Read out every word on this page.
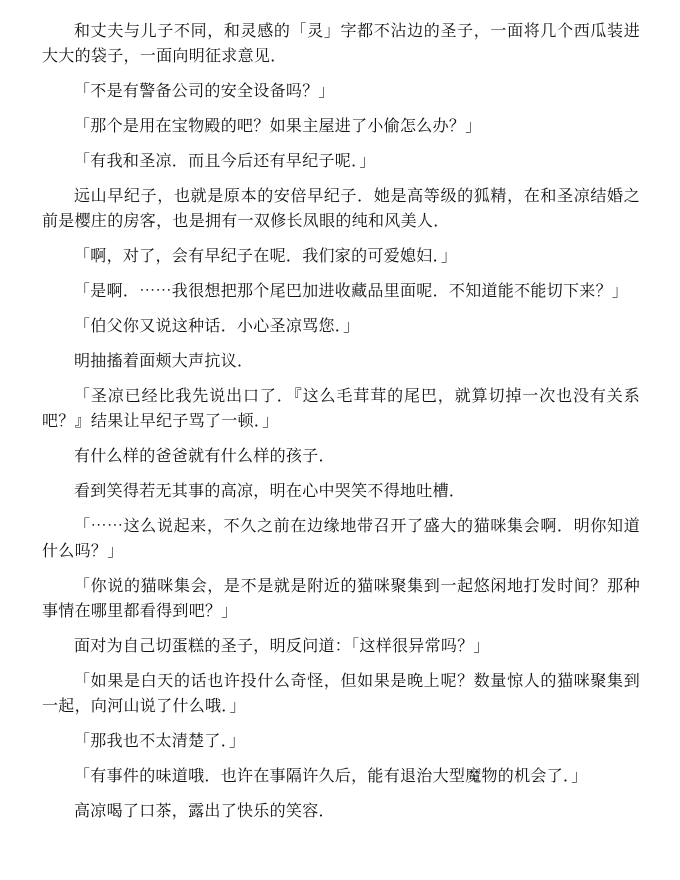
和丈夫与儿子不同，和灵感的「灵」字都不沾边的圣子，一面将几个西瓜装进大大的袋子，一面向明征求意见．

「不是有警备公司的安全设备吗？」

「那个是用在宝物殿的吧？如果主屋进了小偷怎么办？」

「有我和圣凉．而且今后还有早纪子呢．」

远山早纪子，也就是原本的安倍早纪子．她是高等级的狐精，在和圣凉结婚之前是樱庄的房客，也是拥有一双修长凤眼的纯和风美人．

「啊，对了，会有早纪子在呢．我们家的可爱媳妇．」

「是啊．⋯⋯我很想把那个尾巴加进收藏品里面呢．不知道能不能切下来？」

「伯父你又说这种话．小心圣凉骂您．」

明抽搐着面颊大声抗议．

「圣凉已经比我先说出口了．『这么毛茸茸的尾巴，就算切掉一次也没有关系吧？』结果让早纪子骂了一顿．」

有什么样的爸爸就有什么样的孩子．

看到笑得若无其事的高凉，明在心中哭笑不得地吐槽．

「⋯⋯这么说起来，不久之前在边缘地带召开了盛大的猫咪集会啊．明你知道什么吗？」

「你说的猫咪集会，是不是就是附近的猫咪聚集到一起悠闲地打发时间？那种事情在哪里都看得到吧？」

面对为自己切蛋糕的圣子，明反问道：「这样很异常吗？」

「如果是白天的话也许投什么奇怪，但如果是晚上呢？数量惊人的猫咪聚集到一起，向河山说了什么哦．」

「那我也不太清楚了．」

「有事件的味道哦．也许在事隔许久后，能有退治大型魔物的机会了．」

高凉喝了口茶，露出了快乐的笑容．
